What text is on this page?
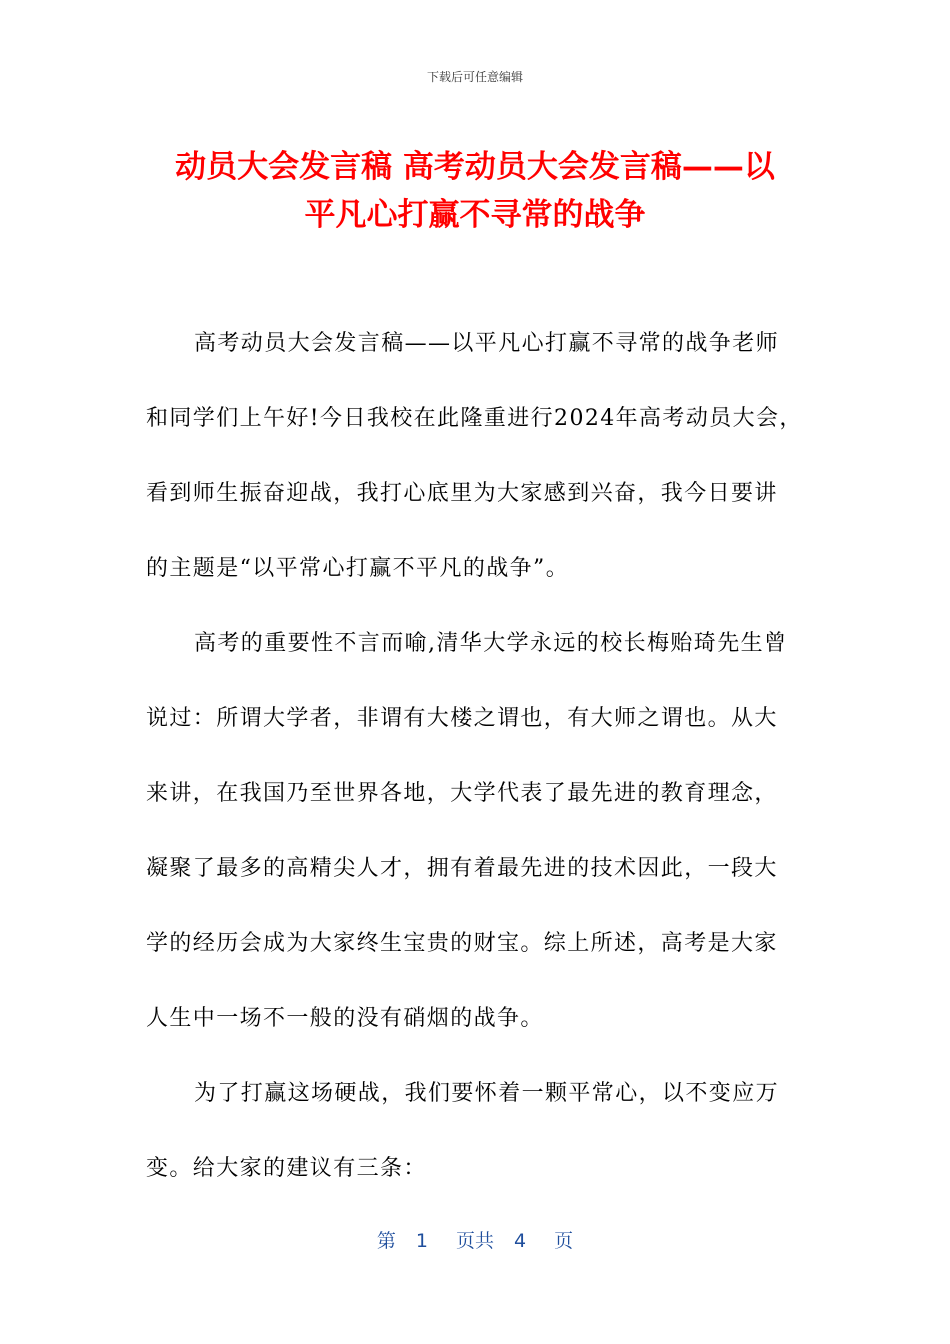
下载后可任意编辑
动员大会发言稿 高考动员大会发言稿——以
平凡心打赢不寻常的战争

高考动员大会发言稿——以平凡心打赢不寻常的战争老师
和同学们上午好!今日我校在此隆重进行2024年高考动员大会，
看到师生振奋迎战，我打心底里为大家感到兴奋，我今日要讲
的主题是“以平常心打赢不平凡的战争”。

高考的重要性不言而喻,清华大学永远的校长梅贻琦先生曾
说过：所谓大学者，非谓有大楼之谓也，有大师之谓也。从大
来讲，在我国乃至世界各地，大学代表了最先进的教育理念，
凝聚了最多的高精尖人才，拥有着最先进的技术因此，一段大
学的经历会成为大家终生宝贵的财宝。综上所述，高考是大家
人生中一场不一般的没有硝烟的战争。

为了打赢这场硬战，我们要怀着一颗平常心，以不变应万
变。给大家的建议有三条：

第 1 页共 4 页
